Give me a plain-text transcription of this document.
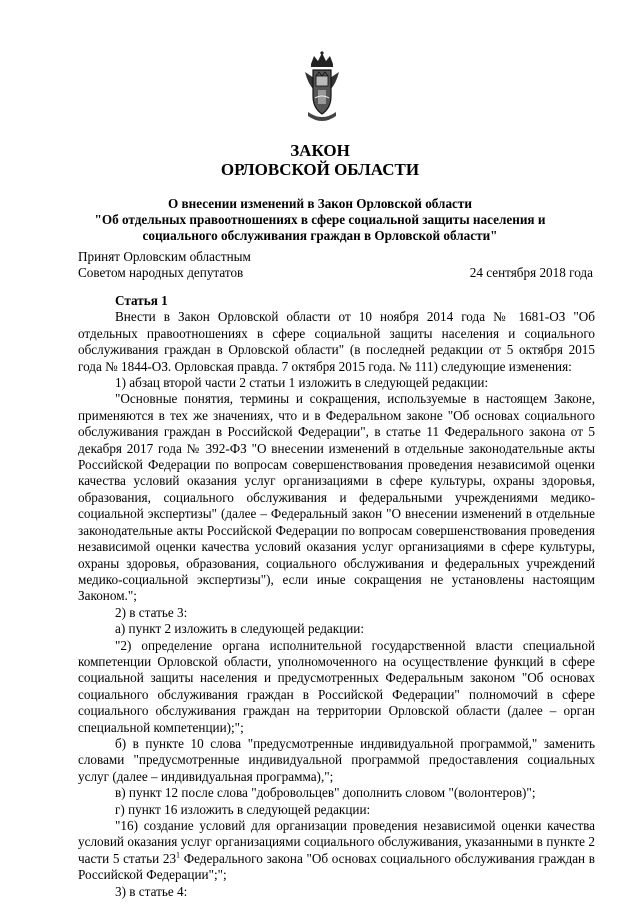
ЗАКОН
ОРЛОВСКОЙ ОБЛАСТИ
О внесении изменений в Закон Орловской области
"Об отдельных правоотношениях в сфере социальной защиты населения и
социального обслуживания граждан в Орловской области"
Принят Орловским областным
Советом народных депутатов	24 сентября 2018 года

Статья 1

Внести в Закон Орловской области от 10 ноября 2014 года № 1681-ОЗ "Об отдельных правоотношениях в сфере социальной защиты населения и социального обслуживания граждан в Орловской области" (в последней редакции от 5 октября 2015 года № 1844-ОЗ. Орловская правда. 7 октября 2015 года. № 111) следующие изменения:

1) абзац второй части 2 статьи 1 изложить в следующей редакции:

"Основные понятия, термины и сокращения, используемые в настоящем Законе, применяются в тех же значениях, что и в Федеральном законе "Об основах социального обслуживания граждан в Российской Федерации", в статье 11 Федерального закона от 5 декабря 2017 года № 392-ФЗ "О внесении изменений в отдельные законодательные акты Российской Федерации по вопросам совершенствования проведения независимой оценки качества условий оказания услуг организациями в сфере культуры, охраны здоровья, образования, социального обслуживания и федеральными учреждениями медико-социальной экспертизы" (далее – Федеральный закон "О внесении изменений в отдельные законодательные акты Российской Федерации по вопросам совершенствования проведения независимой оценки качества условий оказания услуг организациями в сфере культуры, охраны здоровья, образования, социального обслуживания и федеральных учреждений медико-социальной экспертизы"), если иные сокращения не установлены настоящим Законом.";

2) в статье 3:

а) пункт 2 изложить в следующей редакции:

"2) определение органа исполнительной государственной власти специальной компетенции Орловской области, уполномоченного на осуществление функций в сфере социальной защиты населения и предусмотренных Федеральным законом "Об основах социального обслуживания граждан в Российской Федерации" полномочий в сфере социального обслуживания граждан на территории Орловской области (далее – орган специальной компетенции);";

б) в пункте 10 слова "предусмотренные индивидуальной программой," заменить словами "предусмотренные индивидуальной программой предоставления социальных услуг (далее – индивидуальная программа),";

в) пункт 12 после слова "добровольцев" дополнить словом "(волонтеров)";

г) пункт 16 изложить в следующей редакции:

"16) создание условий для организации проведения независимой оценки качества условий оказания услуг организациями социального обслуживания, указанными в пункте 2 части 5 статьи $23^1$ Федерального закона "Об основах социального обслуживания граждан в Российской Федерации";";

3) в статье 4:
